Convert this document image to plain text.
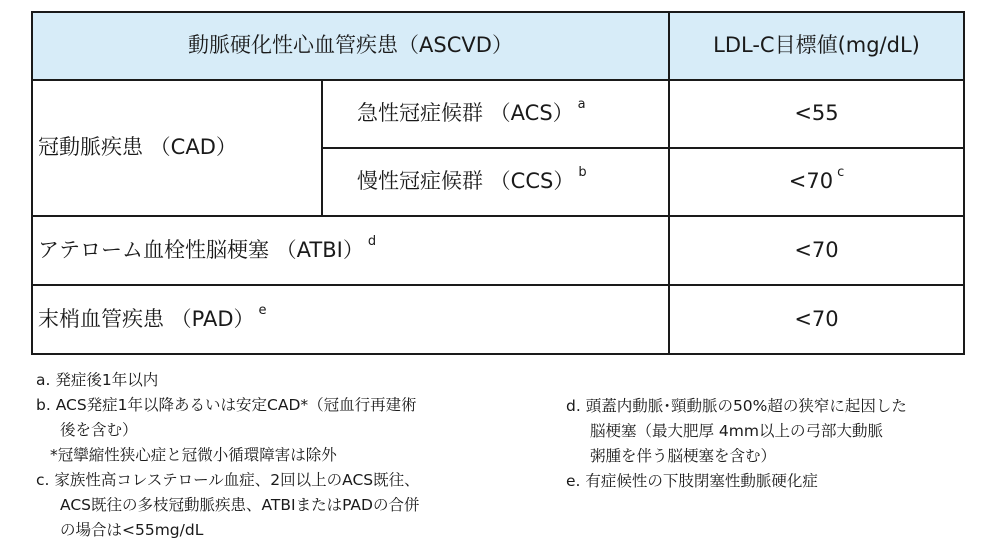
動脈硬化性心血管疾患（ASCVD）		LDL-C目標値(mg/dL)
冠動脈疾患 （CAD）	急性冠症候群 （ACS） $^a$	<55
	慢性冠症候群 （CCS） $^b$	<70 $^c$
アテローム血栓性脳梗塞 （ATBI） $^d$		<70
末梢血管疾患 （PAD） $^e$		<70

a. 発症後1年以内

b. ACS発症1年以降あるいは安定CAD*（冠血行再建術
後を含む）
*冠攣縮性狭心症と冠微小循環障害は除外

c. 家族性高コレステロール血症、2回以上のACS既往、
ACS既往の多枝冠動脈疾患、ATBIまたはPADの合併
の場合は<55mg/dL

d. 頭蓋内動脈･頸動脈の50%超の狭窄に起因した
脳梗塞（最大肥厚 4mm以上の弓部大動脈
粥腫を伴う脳梗塞を含む）

e. 有症候性の下肢閉塞性動脈硬化症
